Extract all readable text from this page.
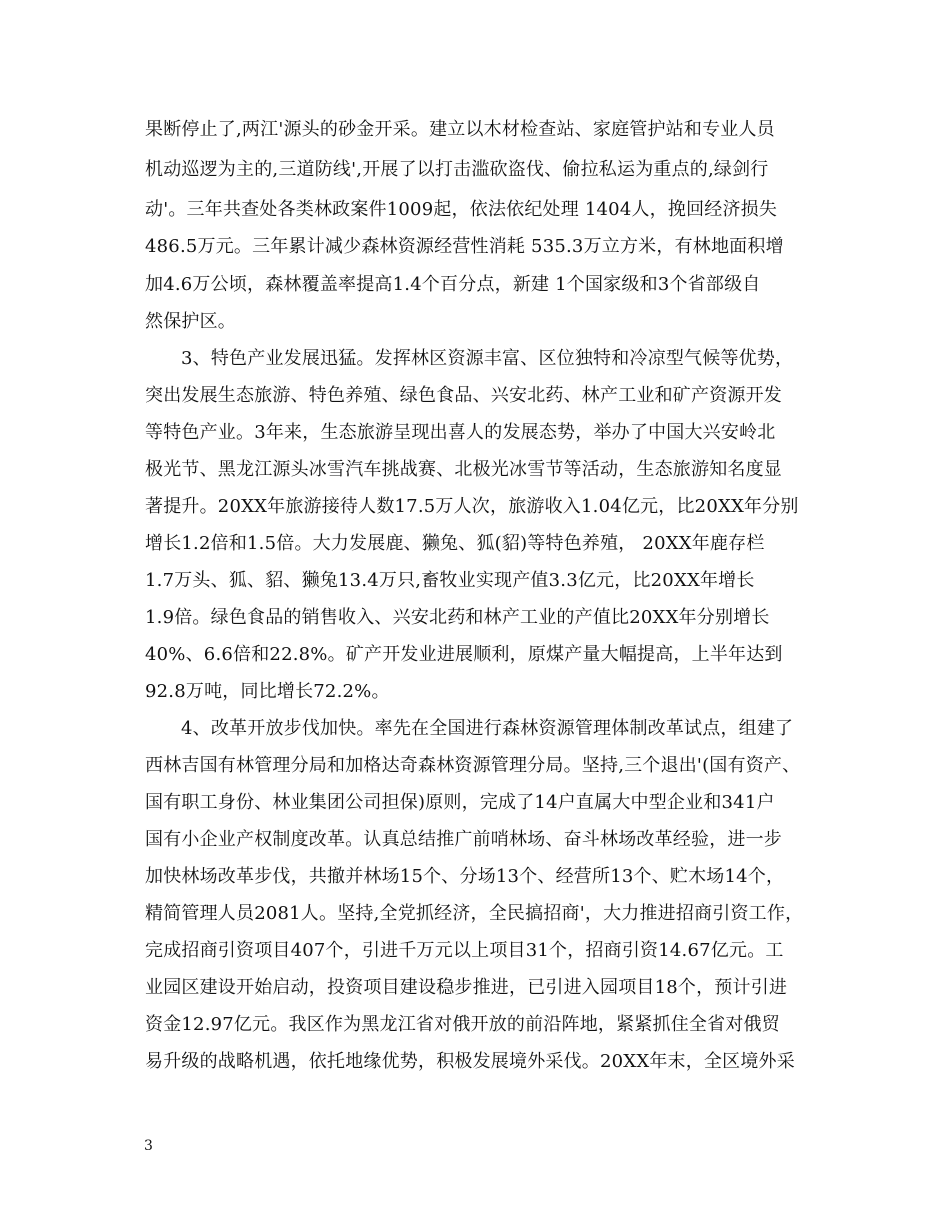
果断停止了,两江'源头的砂金开采。建立以木材检查站、家庭管护站和专业人员
机动巡逻为主的,三道防线',开展了以打击滥砍盗伐、偷拉私运为重点的,绿剑行
动'。三年共查处各类林政案件1009起，依法依纪处理 1404人，挽回经济损失
486.5万元。三年累计减少森林资源经营性消耗 535.3万立方米，有林地面积增
加4.6万公顷，森林覆盖率提高1.4个百分点，新建 1个国家级和3个省部级自
然保护区。
3、特色产业发展迅猛。发挥林区资源丰富、区位独特和冷凉型气候等优势，
突出发展生态旅游、特色养殖、绿色食品、兴安北药、林产工业和矿产资源开发
等特色产业。3年来，生态旅游呈现出喜人的发展态势，举办了中国大兴安岭北
极光节、黑龙江源头冰雪汽车挑战赛、北极光冰雪节等活动，生态旅游知名度显
著提升。20XX年旅游接待人数17.5万人次，旅游收入1.04亿元，比20XX年分别
增长1.2倍和1.5倍。大力发展鹿、獭兔、狐(貂)等特色养殖， 20XX年鹿存栏
1.7万头、狐、貂、獭兔13.4万只,畜牧业实现产值3.3亿元，比20XX年增长
1.9倍。绿色食品的销售收入、兴安北药和林产工业的产值比20XX年分别增长
40%、6.6倍和22.8%。矿产开发业进展顺利，原煤产量大幅提高，上半年达到
92.8万吨，同比增长72.2%。
4、改革开放步伐加快。率先在全国进行森林资源管理体制改革试点，组建了
西林吉国有林管理分局和加格达奇森林资源管理分局。坚持,三个退出'(国有资产、
国有职工身份、林业集团公司担保)原则，完成了14户直属大中型企业和341户
国有小企业产权制度改革。认真总结推广前哨林场、奋斗林场改革经验，进一步
加快林场改革步伐，共撤并林场15个、分场13个、经营所13个、贮木场14个，
精简管理人员2081人。坚持,全党抓经济，全民搞招商'，大力推进招商引资工作，
完成招商引资项目407个，引进千万元以上项目31个，招商引资14.67亿元。工
业园区建设开始启动，投资项目建设稳步推进，已引进入园项目18个，预计引进
资金12.97亿元。我区作为黑龙江省对俄开放的前沿阵地，紧紧抓住全省对俄贸
易升级的战略机遇，依托地缘优势，积极发展境外采伐。20XX年末，全区境外采
3
